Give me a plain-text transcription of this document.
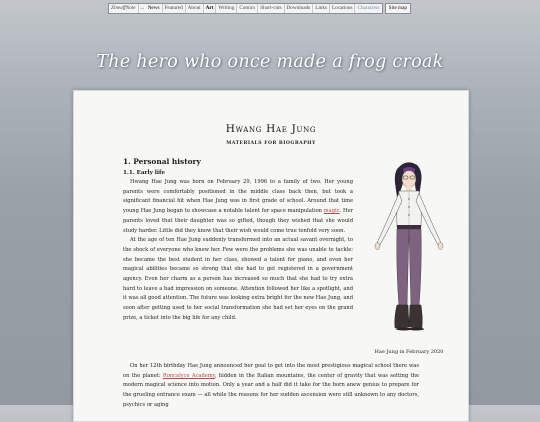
ZineaffNote → News Featured About Art Writing Comics Short-cuts Downloads Links Locations Characters	Site map
The hero who once made a frog croak
Hwang Hae Jung
MATERIALS FOR BIOGRAPHY
1. Personal history
1.1. Early life

Hwang Hae Jung was born on February 29, 1996 to a family of two. Her young parents were comfortably positioned in the middle class back then, but took a significant financial hit when Hae Jung was in first grade of school. Around that time young Hae Jung began to showcase a notable talent for space manipulation magic. Her parents loved that their daughter was so gifted, though they wished that she would study harder. Little did they know that their wish would come true tenfold very soon.

At the age of ten Hae Jung suddenly transformed into an actual savant overnight, to the shock of everyone who knew her. Few were the problems she was unable to tackle: she became the best student in her class, showed a talent for piano, and even her magical abilities became so strong that she had to get registered in a government agency. Even her charm as a person has increased so much that she had to try extra hard to leave a bad impression on someone. Attention followed her like a spotlight, and it was all good attention. The future was looking extra bright for the new Hae Jung, and soon after getting used to her social transformation she had set her eyes on the grand prize, a ticket into the big life for any child.

On her 12th birthday Hae Jung announced her goal to get into the most prestigious magical school there was on the planet: Roncalyce Academy, hidden in the Italian mountains, the center of gravity that was setting the modern magical science into motion. Only a year and a half did it take for the born anew genius to prepare for the grueling entrance exam — all while the reasons for her sudden ascension were still unknown to any doctors, psychics or aging

Hae Jung in February 2020
